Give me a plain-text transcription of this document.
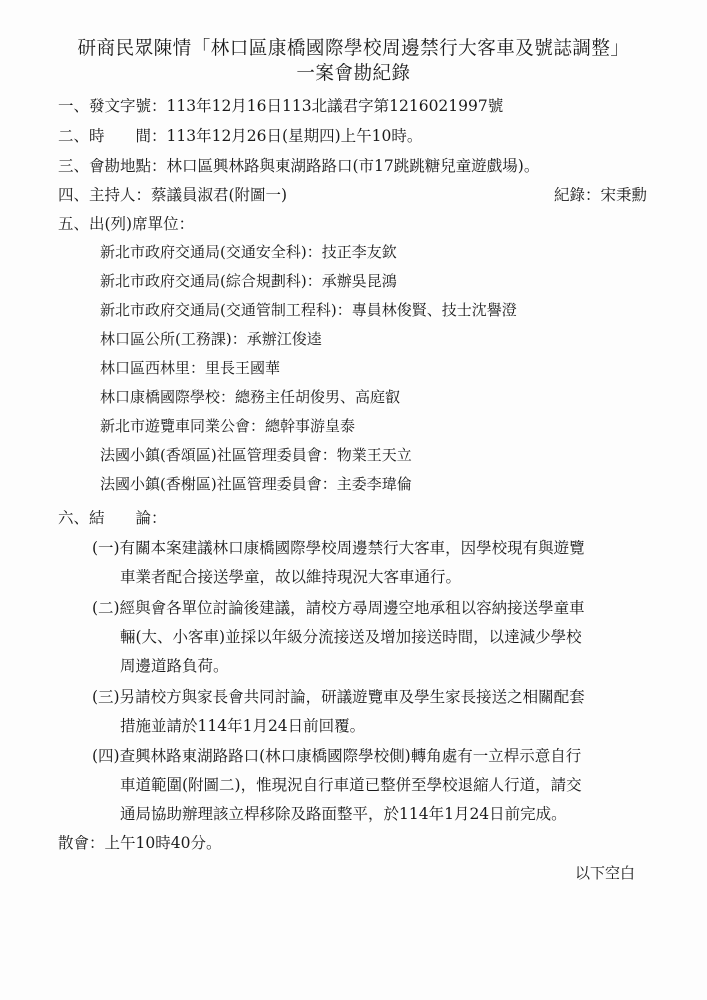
研商民眾陳情「林口區康橋國際學校周邊禁行大客車及號誌調整」
一案會勘紀錄
一、發文字號：113年12月16日113北議君字第1216021997號
二、時　　間：113年12月26日(星期四)上午10時。
三、會勘地點：林口區興林路與東湖路路口(市17跳跳糖兒童遊戲場)。
四、主持人：蔡議員淑君(附圖一)	紀錄：宋秉勳
五、出(列)席單位：
新北市政府交通局(交通安全科)：技正李友欽
新北市政府交通局(綜合規劃科)：承辦吳昆鴻
新北市政府交通局(交通管制工程科)：專員林俊賢、技士沈譽澄
林口區公所(工務課)：承辦江俊逵
林口區西林里：里長王國華
林口康橋國際學校：總務主任胡俊男、高庭叡
新北市遊覽車同業公會：總幹事游皇泰
法國小鎮(香頌區)社區管理委員會：物業王天立
法國小鎮(香榭區)社區管理委員會：主委李瑋倫
六、結　　論：
(一)有關本案建議林口康橋國際學校周邊禁行大客車，因學校現有與遊覽
車業者配合接送學童，故以維持現況大客車通行。
(二)經與會各單位討論後建議，請校方尋周邊空地承租以容納接送學童車
輛(大、小客車)並採以年級分流接送及增加接送時間，以達減少學校
周邊道路負荷。
(三)另請校方與家長會共同討論，研議遊覽車及學生家長接送之相關配套
措施並請於114年1月24日前回覆。
(四)查興林路東湖路路口(林口康橋國際學校側)轉角處有一立桿示意自行
車道範圍(附圖二)，惟現況自行車道已整併至學校退縮人行道，請交
通局協助辦理該立桿移除及路面整平，於114年1月24日前完成。
散會：上午10時40分。
以下空白
